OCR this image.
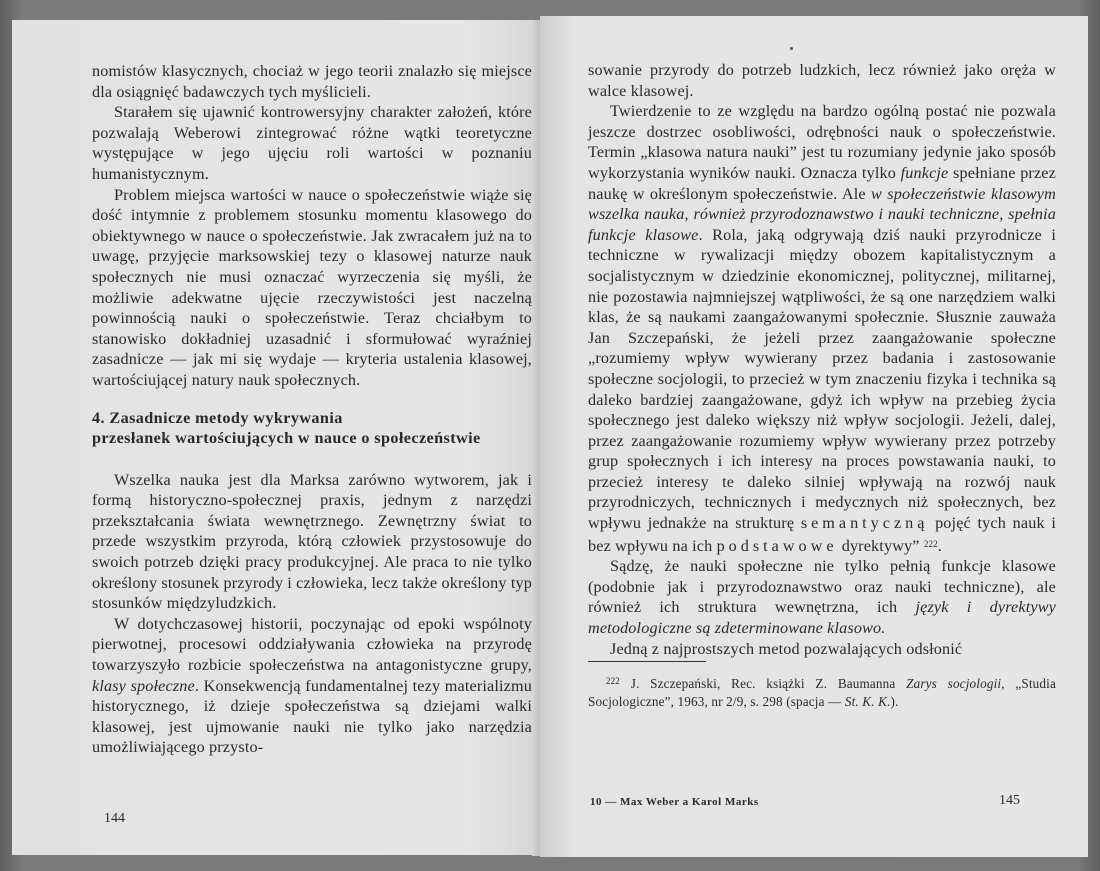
nomistów klasycznych, chociaż w jego teorii znalazło się miejsce dla osiągnięć badawczych tych myślicieli.

Starałem się ujawnić kontrowersyjny charakter założeń, które pozwalają Weberowi zintegrować różne wątki teoretyczne występujące w jego ujęciu roli wartości w poznaniu humanistycznym.

Problem miejsca wartości w nauce o społeczeństwie wiąże się dość intymnie z problemem stosunku momentu klasowego do obiektywnego w nauce o społeczeństwie. Jak zwracałem już na to uwagę, przyjęcie marksowskiej tezy o klasowej naturze nauk społecznych nie musi oznaczać wyrzeczenia się myśli, że możliwie adekwatne ujęcie rzeczywistości jest naczelną powinnością nauki o społeczeństwie. Teraz chciałbym to stanowisko dokładniej uzasadnić i sformułować wyraźniej zasadnicze — jak mi się wydaje — kryteria ustalenia klasowej, wartościującej natury nauk społecznych.

4. Zasadnicze metody wykrywania
przesłanek wartościujących w nauce o społeczeństwie

Wszelka nauka jest dla Marksa zarówno wytworem, jak i formą historyczno-społecznej praxis, jednym z narzędzi przekształcania świata wewnętrznego. Zewnętrzny świat to przede wszystkim przyroda, którą człowiek przystosowuje do swoich potrzeb dzięki pracy produkcyjnej. Ale praca to nie tylko określony stosunek przyrody i człowieka, lecz także określony typ stosunków międzyludzkich.

W dotychczasowej historii, poczynając od epoki wspólnoty pierwotnej, procesowi oddziaływania człowieka na przyrodę towarzyszyło rozbicie społeczeństwa na antagonistyczne grupy, klasy społeczne. Konsekwencją fundamentalnej tezy materializmu historycznego, iż dzieje społeczeństwa są dziejami walki klasowej, jest ujmowanie nauki nie tylko jako narzędzia umożliwiającego przysto-

144

sowanie przyrody do potrzeb ludzkich, lecz również jako oręża w walce klasowej.

Twierdzenie to ze względu na bardzo ogólną postać nie pozwala jeszcze dostrzec osobliwości, odrębności nauk o społeczeństwie. Termin „klasowa natura nauki” jest tu rozumiany jedynie jako sposób wykorzystania wyników nauki. Oznacza tylko funkcje spełniane przez naukę w określonym społeczeństwie. Ale w społeczeństwie klasowym wszelka nauka, również przyrodoznawstwo i nauki techniczne, spełnia funkcje klasowe. Rola, jaką odgrywają dziś nauki przyrodnicze i techniczne w rywalizacji między obozem kapitalistycznym a socjalistycznym w dziedzinie ekonomicznej, politycznej, militarnej, nie pozostawia najmniejszej wątpliwości, że są one narzędziem walki klas, że są naukami zaangażowanymi społecznie. Słusznie zauważa Jan Szczepański, że jeżeli przez zaangażowanie społeczne „rozumiemy wpływ wywierany przez badania i zastosowanie społeczne socjologii, to przecież w tym znaczeniu fizyka i technika są daleko bardziej zaangażowane, gdyż ich wpływ na przebieg życia społecznego jest daleko większy niż wpływ socjologii. Jeżeli, dalej, przez zaangażowanie rozumiemy wpływ wywierany przez potrzeby grup społecznych i ich interesy na proces powstawania nauki, to przecież interesy te daleko silniej wpływają na rozwój nauk przyrodniczych, technicznych i medycznych niż społecznych, bez wpływu jednakże na strukturę semantyczną pojęć tych nauk i bez wpływu na ich podstawowe dyrektywy” $^{222}$.

Sądzę, że nauki społeczne nie tylko pełnią funkcje klasowe (podobnie jak i przyrodoznawstwo oraz nauki techniczne), ale również ich struktura wewnętrzna, ich język i dyrektywy metodologiczne są zdeterminowane klasowo.

Jedną z najprostszych metod pozwalających odsłonić

$^{222}$ J. Szczepański, Rec. książki Z. Baumanna Zarys socjologii, „Studia Socjologiczne”, 1963, nr 2/9, s. 298 (spacja — St. K. K.).

10 — Max Weber a Karol Marks	145
